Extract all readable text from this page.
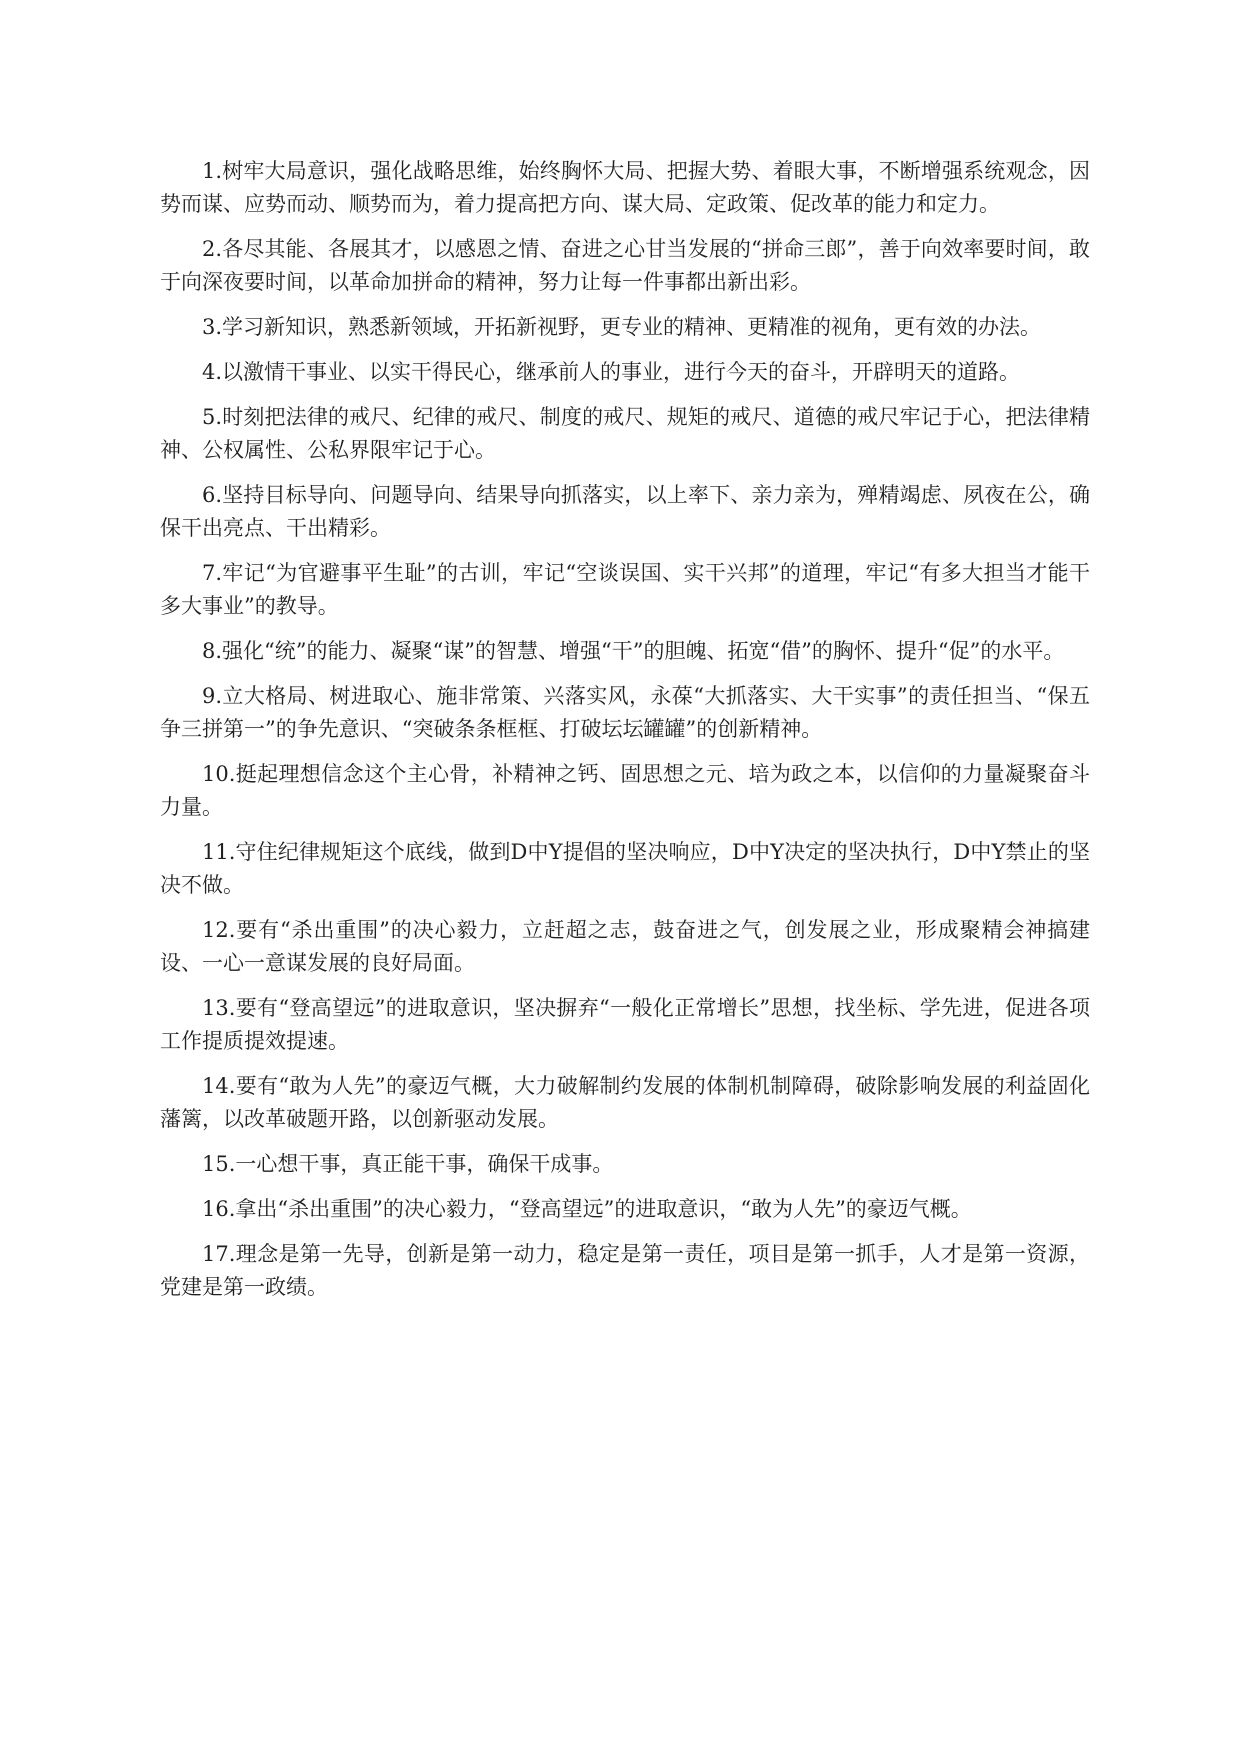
1.树牢大局意识，强化战略思维，始终胸怀大局、把握大势、着眼大事，不断增强系统观念，因势而谋、应势而动、顺势而为，着力提高把方向、谋大局、定政策、促改革的能力和定力。

2.各尽其能、各展其才，以感恩之情、奋进之心甘当发展的“拼命三郎”，善于向效率要时间，敢于向深夜要时间，以革命加拼命的精神，努力让每一件事都出新出彩。

3.学习新知识，熟悉新领域，开拓新视野，更专业的精神、更精准的视角，更有效的办法。

4.以激情干事业、以实干得民心，继承前人的事业，进行今天的奋斗，开辟明天的道路。

5.时刻把法律的戒尺、纪律的戒尺、制度的戒尺、规矩的戒尺、道德的戒尺牢记于心，把法律精神、公权属性、公私界限牢记于心。

6.坚持目标导向、问题导向、结果导向抓落实，以上率下、亲力亲为，殚精竭虑、夙夜在公，确保干出亮点、干出精彩。

7.牢记“为官避事平生耻”的古训，牢记“空谈误国、实干兴邦”的道理，牢记“有多大担当才能干多大事业”的教导。

8.强化“统”的能力、凝聚“谋”的智慧、增强“干”的胆魄、拓宽“借”的胸怀、提升“促”的水平。

9.立大格局、树进取心、施非常策、兴落实风，永葆“大抓落实、大干实事”的责任担当、“保五争三拼第一”的争先意识、“突破条条框框、打破坛坛罐罐”的创新精神。

10.挺起理想信念这个主心骨，补精神之钙、固思想之元、培为政之本，以信仰的力量凝聚奋斗力量。

11.守住纪律规矩这个底线，做到D中Y提倡的坚决响应，D中Y决定的坚决执行，D中Y禁止的坚决不做。

12.要有“杀出重围”的决心毅力，立赶超之志，鼓奋进之气，创发展之业，形成聚精会神搞建设、一心一意谋发展的良好局面。

13.要有“登高望远”的进取意识，坚决摒弃“一般化正常增长”思想，找坐标、学先进，促进各项工作提质提效提速。

14.要有“敢为人先”的豪迈气概，大力破解制约发展的体制机制障碍，破除影响发展的利益固化藩篱，以改革破题开路，以创新驱动发展。

15.一心想干事，真正能干事，确保干成事。

16.拿出“杀出重围”的决心毅力，“登高望远”的进取意识，“敢为人先”的豪迈气概。

17.理念是第一先导，创新是第一动力，稳定是第一责任，项目是第一抓手，人才是第一资源，党建是第一政绩。
